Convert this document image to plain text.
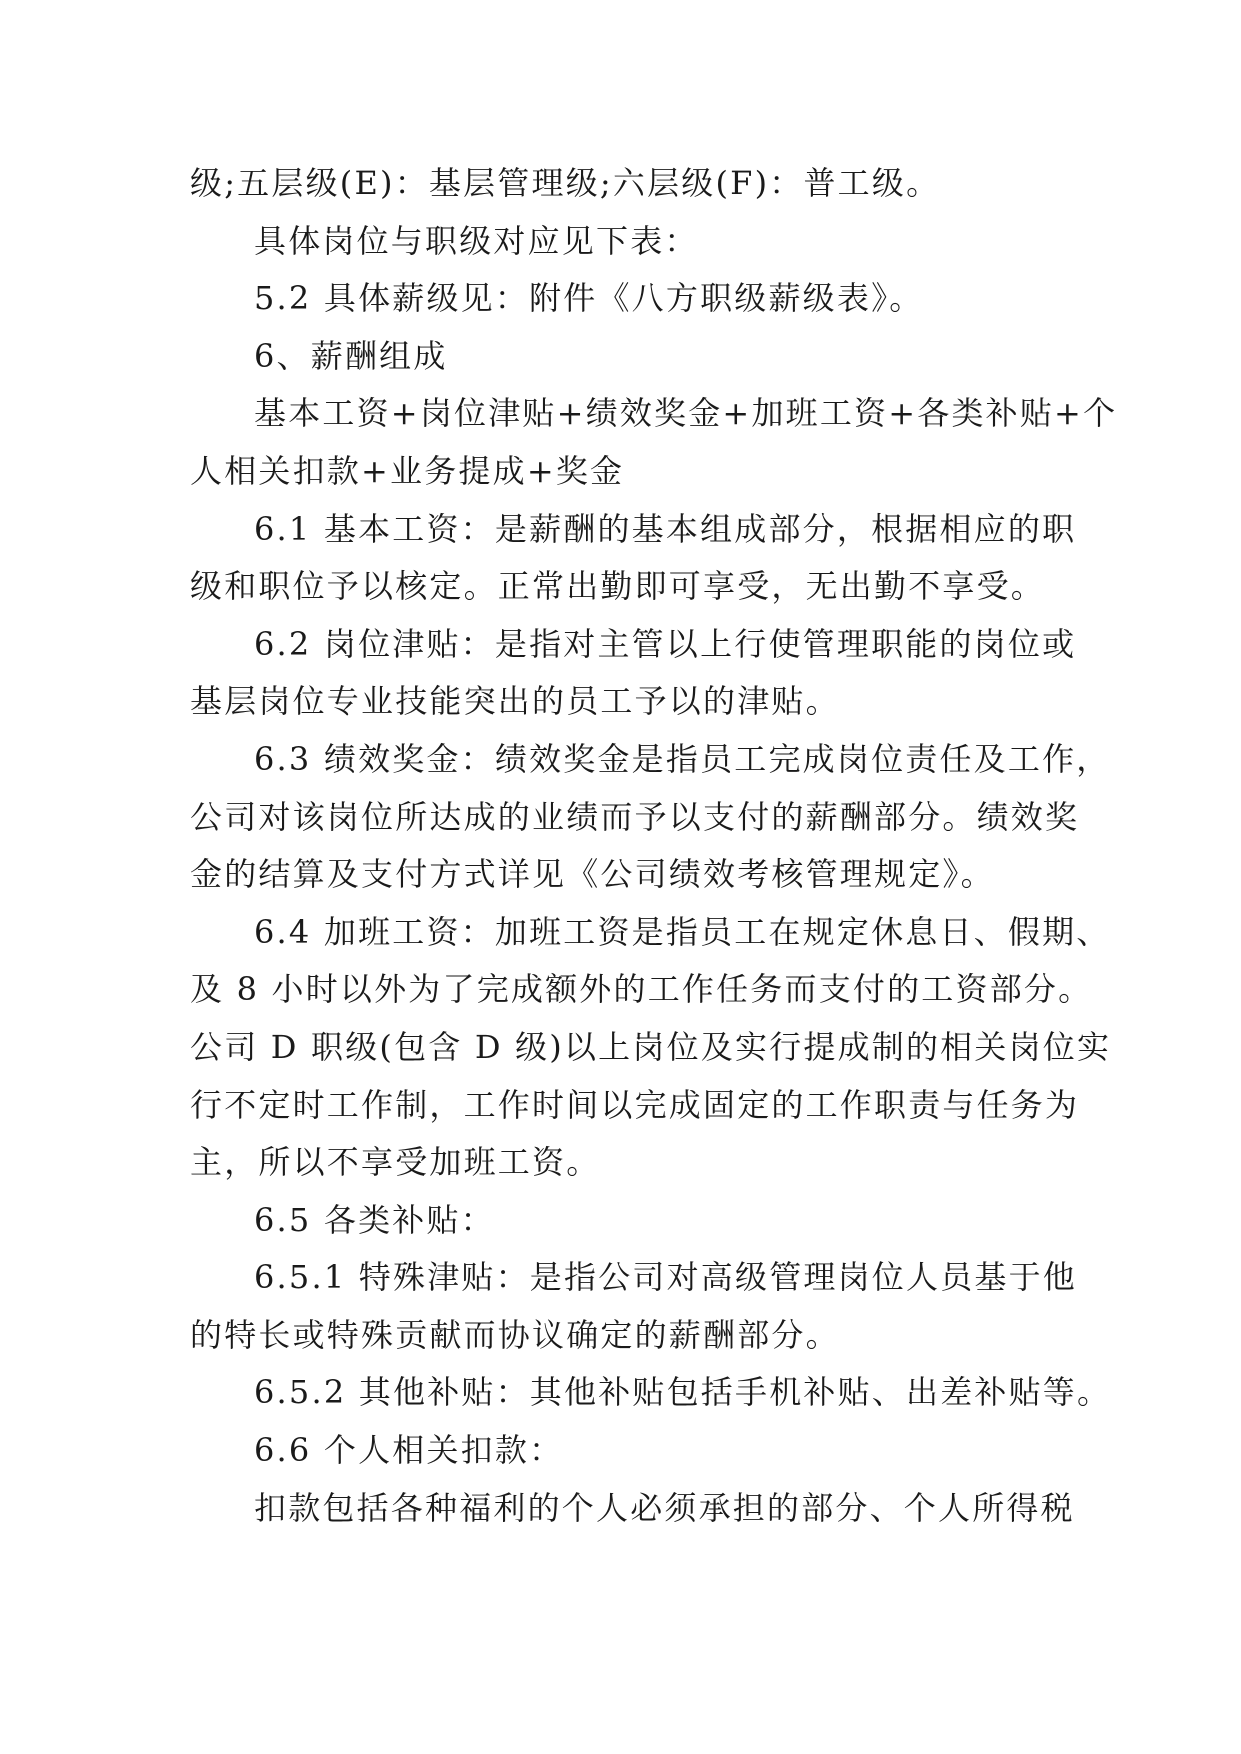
级;五层级(E)：基层管理级;六层级(F)：普工级。
具体岗位与职级对应见下表：
5.2 具体薪级见：附件《八方职级薪级表》。
6、薪酬组成
基本工资+岗位津贴+绩效奖金+加班工资+各类补贴+个
人相关扣款+业务提成+奖金
6.1 基本工资：是薪酬的基本组成部分，根据相应的职
级和职位予以核定。正常出勤即可享受，无出勤不享受。
6.2 岗位津贴：是指对主管以上行使管理职能的岗位或
基层岗位专业技能突出的员工予以的津贴。
6.3 绩效奖金：绩效奖金是指员工完成岗位责任及工作，
公司对该岗位所达成的业绩而予以支付的薪酬部分。绩效奖
金的结算及支付方式详见《公司绩效考核管理规定》。
6.4 加班工资：加班工资是指员工在规定休息日、假期、
及 8 小时以外为了完成额外的工作任务而支付的工资部分。
公司 D 职级(包含 D 级)以上岗位及实行提成制的相关岗位实
行不定时工作制，工作时间以完成固定的工作职责与任务为
主，所以不享受加班工资。
6.5 各类补贴：
6.5.1 特殊津贴：是指公司对高级管理岗位人员基于他
的特长或特殊贡献而协议确定的薪酬部分。
6.5.2 其他补贴：其他补贴包括手机补贴、出差补贴等。
6.6 个人相关扣款：
扣款包括各种福利的个人必须承担的部分、个人所得税
